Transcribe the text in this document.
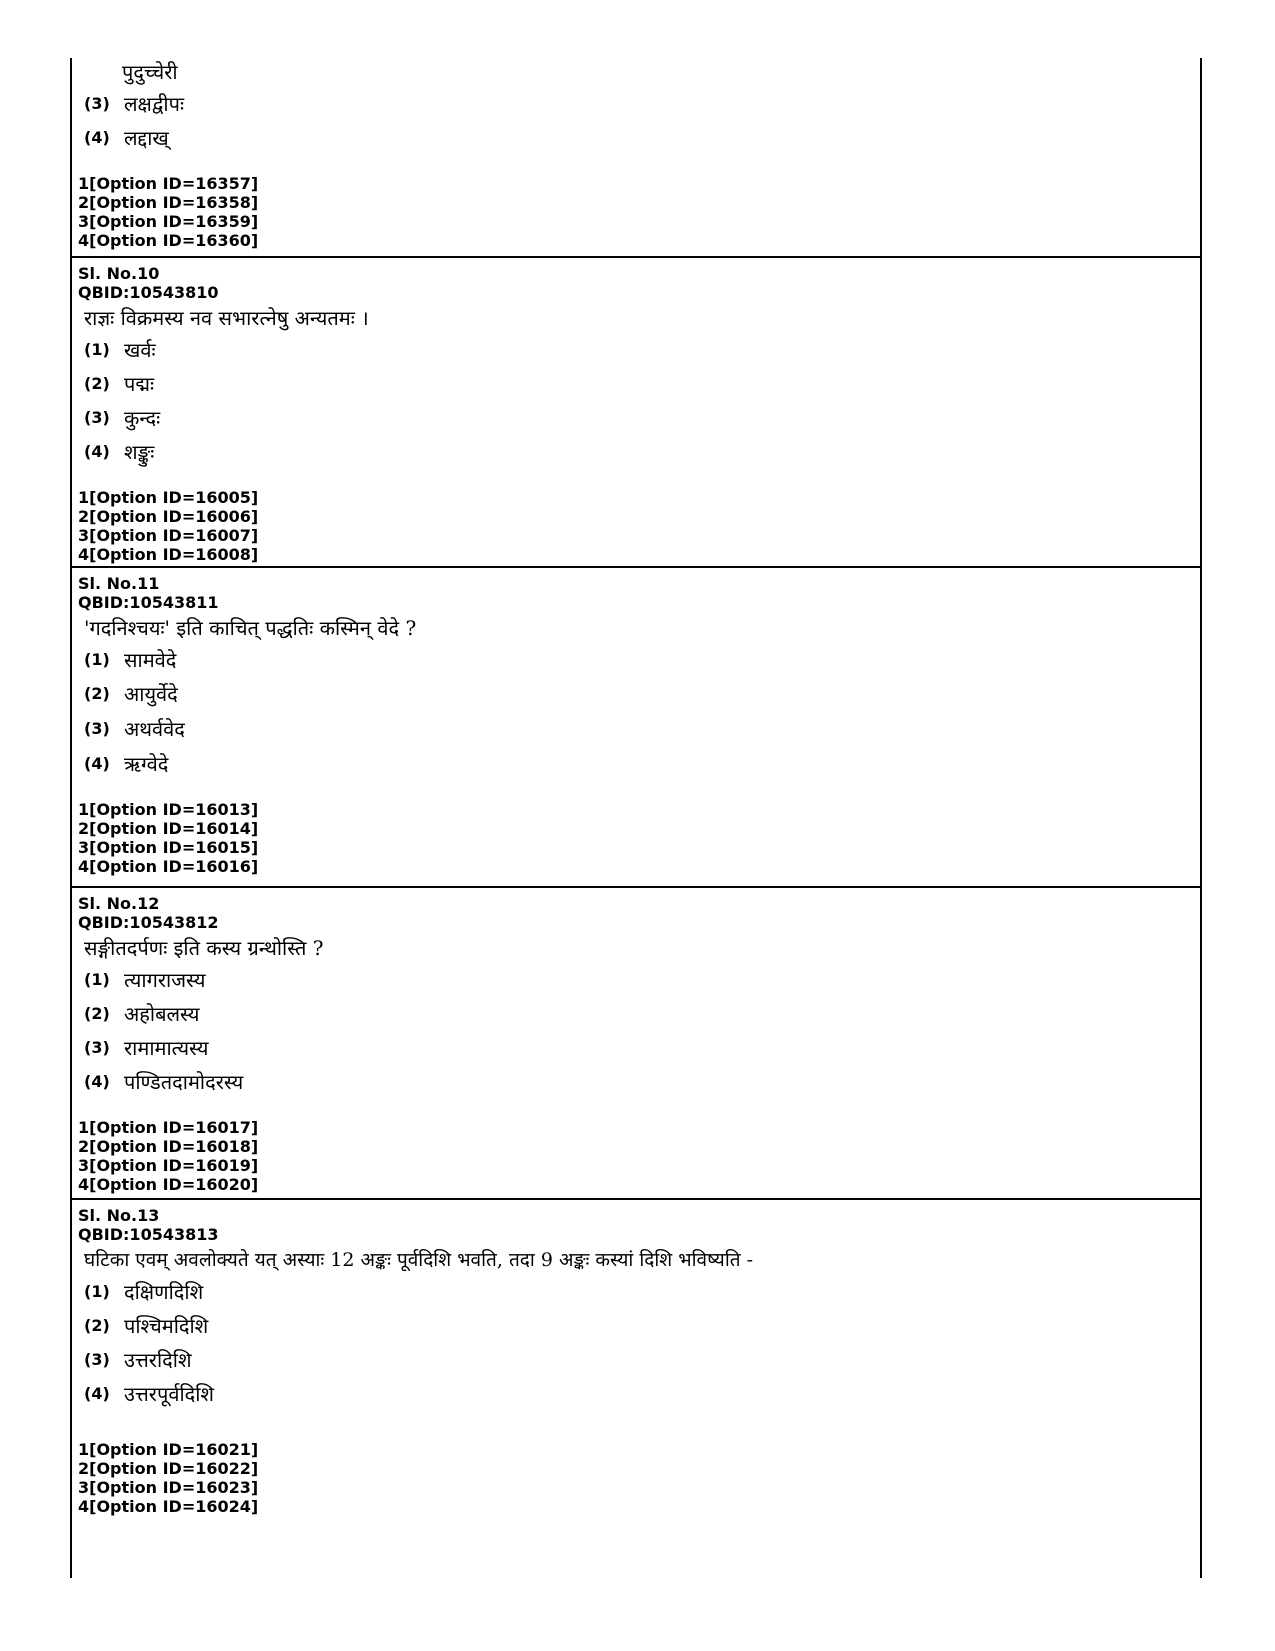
पुदुच्चेरी
(3) लक्षद्वीपः
(4) लद्दाख्
1[Option ID=16357]
2[Option ID=16358]
3[Option ID=16359]
4[Option ID=16360]
Sl. No.10
QBID:10543810
राज्ञः विक्रमस्य नव सभारत्नेषु अन्यतमः ।
(1) खर्वः
(2) पद्मः
(3) कुन्दः
(4) शङ्कुः
1[Option ID=16005]
2[Option ID=16006]
3[Option ID=16007]
4[Option ID=16008]
Sl. No.11
QBID:10543811
'गदनिश्चयः' इति काचित् पद्धतिः कस्मिन् वेदे ?
(1) सामवेदे
(2) आयुर्वेदे
(3) अथर्ववेद
(4) ऋग्वेदे
1[Option ID=16013]
2[Option ID=16014]
3[Option ID=16015]
4[Option ID=16016]
Sl. No.12
QBID:10543812
सङ्गीतदर्पणः इति कस्य ग्रन्थोस्ति ?
(1) त्यागराजस्य
(2) अहोबलस्य
(3) रामामात्यस्य
(4) पण्डितदामोदरस्य
1[Option ID=16017]
2[Option ID=16018]
3[Option ID=16019]
4[Option ID=16020]
Sl. No.13
QBID:10543813
घटिका एवम् अवलोक्यते यत् अस्याः 12 अङ्कः पूर्वदिशि भवति, तदा 9 अङ्कः कस्यां दिशि भविष्यति -
(1) दक्षिणदिशि
(2) पश्चिमदिशि
(3) उत्तरदिशि
(4) उत्तरपूर्वदिशि
1[Option ID=16021]
2[Option ID=16022]
3[Option ID=16023]
4[Option ID=16024]
